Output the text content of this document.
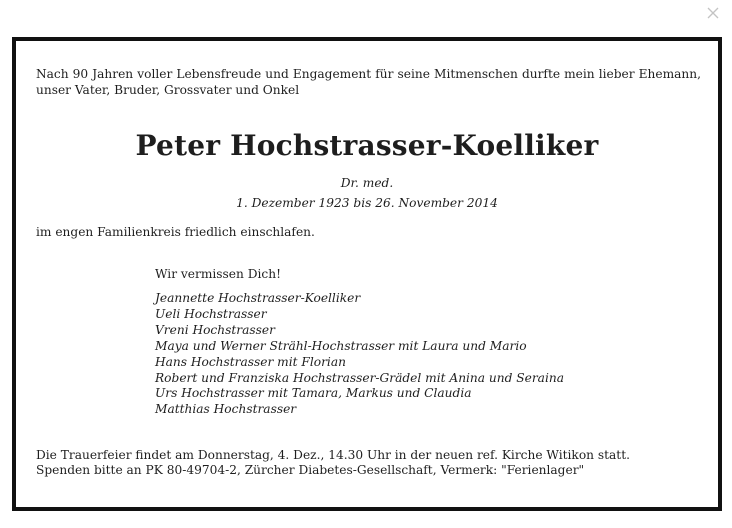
Nach 90 Jahren voller Lebensfreude und Engagement für seine Mitmenschen durfte mein lieber Ehemann, unser Vater, Bruder, Grossvater und Onkel

Peter Hochstrasser-Koelliker

Dr. med.

1. Dezember 1923 bis 26. November 2014

im engen Familienkreis friedlich einschlafen.

Wir vermissen Dich!

Jeannette Hochstrasser-Koelliker
Ueli Hochstrasser
Vreni Hochstrasser
Maya und Werner Strähl-Hochstrasser mit Laura und Mario
Hans Hochstrasser mit Florian
Robert und Franziska Hochstrasser-Grädel mit Anina und Seraina
Urs Hochstrasser mit Tamara, Markus und Claudia
Matthias Hochstrasser

Die Trauerfeier findet am Donnerstag, 4. Dez., 14.30 Uhr in der neuen ref. Kirche Witikon statt.
Spenden bitte an PK 80-49704-2, Zürcher Diabetes-Gesellschaft, Vermerk: "Ferienlager"
